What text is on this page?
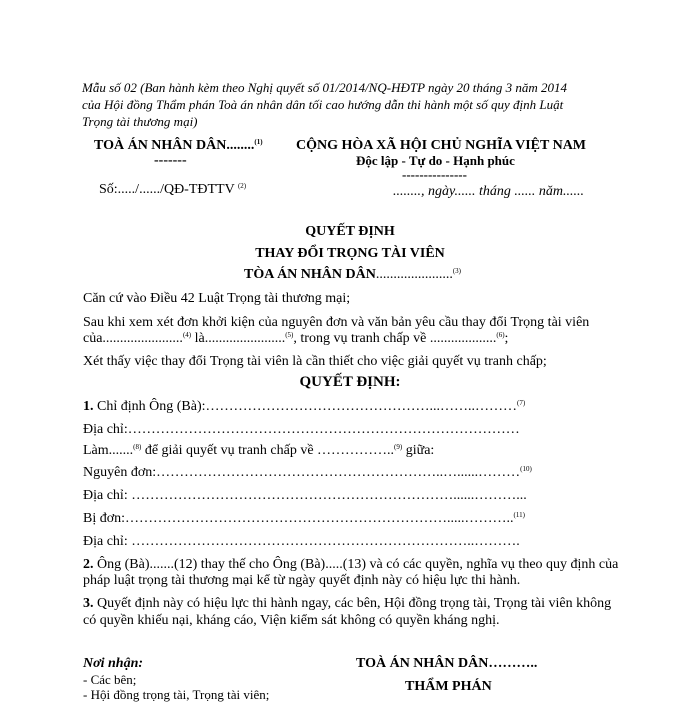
Mẫu số 02 (Ban hành kèm theo Nghị quyết số 01/2014/NQ-HĐTP ngày 20 tháng 3 năm 2014
của Hội đồng Thẩm phán Toà án nhân dân tối cao hướng dẫn thi hành một số quy định Luật
Trọng tài thương mại)
TOÀ ÁN NHÂN DÂN........$^{(1)}$
-------
Số:...../....../QĐ-TĐTTV $^{(2)}$
CỘNG HÒA XÃ HỘI CHỦ NGHĨA VIỆT NAM
Độc lập - Tự do - Hạnh phúc
---------------
........, ngày...... tháng ...... năm......
QUYẾT ĐỊNH
THAY ĐỔI TRỌNG TÀI VIÊN
TÒA ÁN NHÂN DÂN......................$^{(3)}$
Căn cứ vào Điều 42 Luật Trọng tài thương mại;
Sau khi xem xét đơn khởi kiện của nguyên đơn và văn bản yêu cầu thay đổi Trọng tài viên
của.......................$^{(4)}$ là.......................$^{(5)}$, trong vụ tranh chấp về ...................$^{(6)}$;
Xét thấy việc thay đổi Trọng tài viên là cần thiết cho việc giải quyết vụ tranh chấp;
QUYẾT ĐỊNH:
1. Chỉ định Ông (Bà):…………………………………………...……..………$^{(7)}$
Địa chỉ:…………………………………………………………………………
Làm.......$^{(8)}$ để giải quyết vụ tranh chấp về ……………..$^{(9)}$ giữa:
Nguyên đơn:……………………………………………………..…......………$^{(10)}$
Địa chỉ: ……………………………………………………………......………...
Bị đơn:…………………………………………………………….....………..$^{(11)}$
Địa chỉ: ………………………………………………………………..……….
2. Ông (Bà).......(12) thay thế cho Ông (Bà).....(13) và có các quyền, nghĩa vụ theo quy định của
pháp luật trọng tài thương mại kể từ ngày quyết định này có hiệu lực thi hành.
3. Quyết định này có hiệu lực thi hành ngay, các bên, Hội đồng trọng tài, Trọng tài viên không
có quyền khiếu nại, kháng cáo, Viện kiểm sát không có quyền kháng nghị.
Nơi nhận:
- Các bên;
- Hội đồng trọng tài, Trọng tài viên;
TOÀ ÁN NHÂN DÂN………..
THẨM PHÁN
